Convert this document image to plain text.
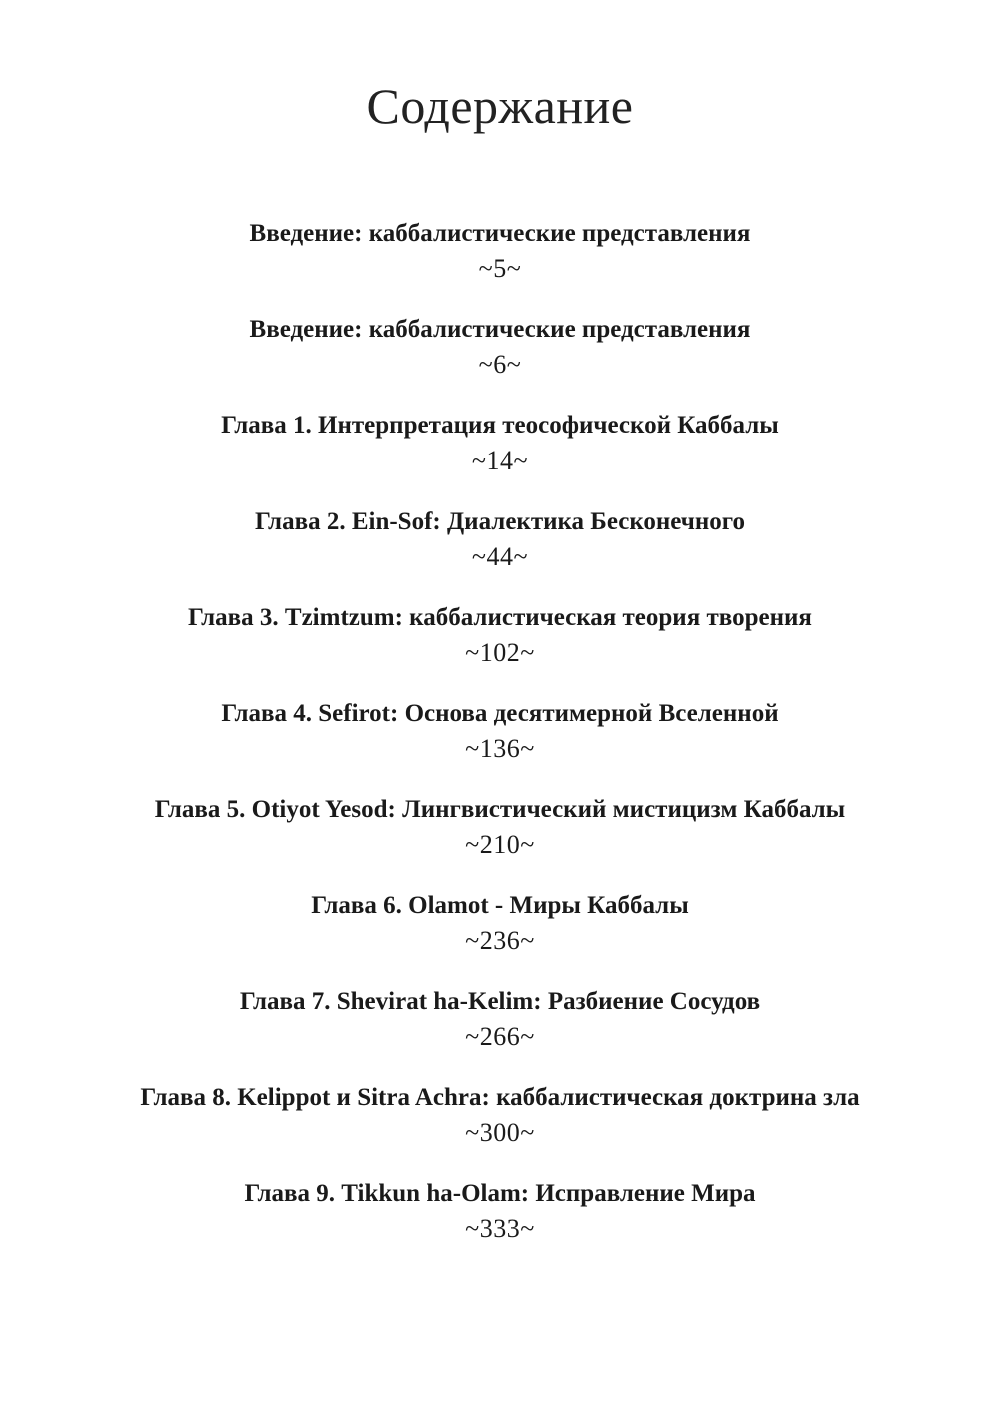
Содержание
Введение: каббалистические представления
~5~
Введение: каббалистические представления
~6~
Глава 1. Интерпретация теософической Каббалы
~14~
Глава 2. Ein-Sof: Диалектика Бесконечного
~44~
Глава 3. Tzimtzum: каббалистическая теория творения
~102~
Глава 4. Sefirot: Основа десятимерной Вселенной
~136~
Глава 5. Otiyot Yesod: Лингвистический мистицизм Каббалы
~210~
Глава 6. Olamot - Миры Каббалы
~236~
Глава 7. Shevirat ha-Kelim: Разбиение Сосудов
~266~
Глава 8. Kelippot и Sitra Achra: каббалистическая доктрина зла
~300~
Глава 9. Tikkun ha-Olam: Исправление Мира
~333~
